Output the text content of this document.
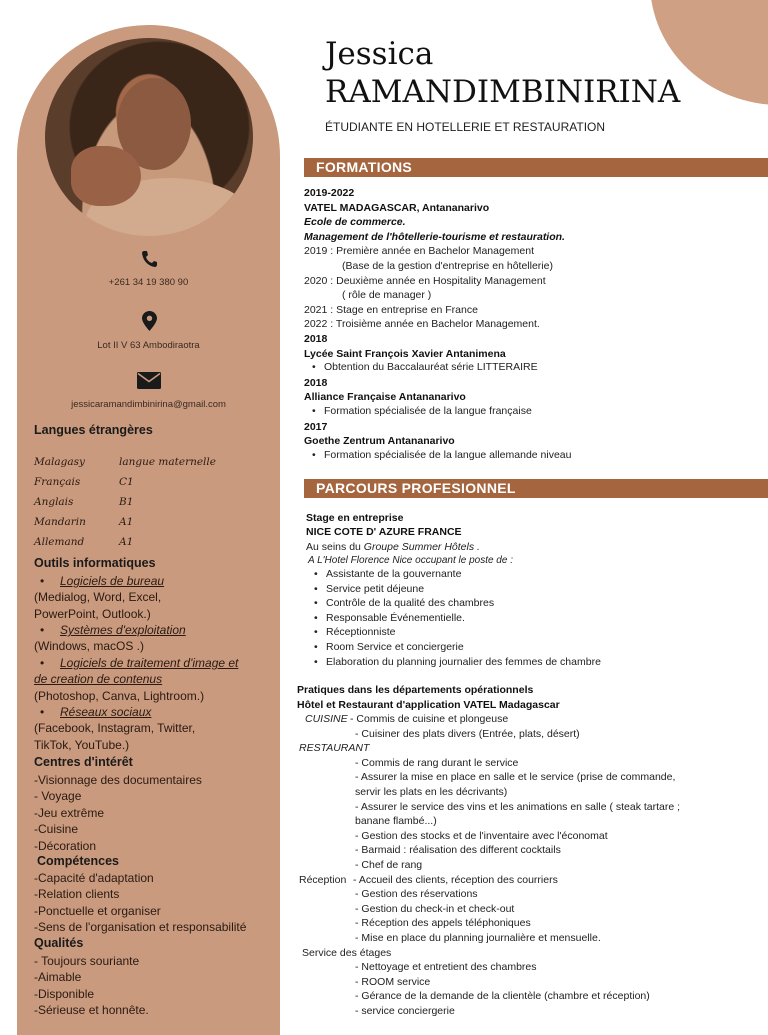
+261 34 19 380 90
Lot II V 63 Ambodiraotra
jessicaramandimbinirina@gmail.com
Langues étrangères
Malagasy	langue maternelle
Français	C1
Anglais	B1
Mandarin	A1
Allemand	A1
Outils informatiques
• Logiciels de bureau
(Medialog, Word, Excel,
PowerPoint, Outlook.)
• Systèmes d'exploitation
(Windows, macOS .)
• Logiciels de traitement d'image et
de creation de contenus
(Photoshop, Canva, Lightroom.)
• Réseaux sociaux
(Facebook, Instagram, Twitter,
TikTok, YouTube.)
Centres d'intérêt
-Visionnage des documentaires
- Voyage
-Jeu extrême
-Cuisine
-Décoration
Compétences
-Capacité d'adaptation
-Relation clients
-Ponctuelle et organiser
-Sens de l'organisation et responsabilité
Qualités
- Toujours souriante
-Aimable
-Disponible
-Sérieuse et honnête.
Jessica
RAMANDIMBINIRINA
ÉTUDIANTE EN HOTELLERIE ET RESTAURATION
FORMATIONS
2019-2022
VATEL MADAGASCAR, Antananarivo
Ecole de commerce.
Management de l'hôtellerie-tourisme et restauration.
2019 : Première année en Bachelor Management
(Base de la gestion d'entreprise en hôtellerie)
2020 : Deuxième année en Hospitality Management
( rôle de manager )
2021 : Stage en entreprise en France
2022 : Troisième année en Bachelor Management.
2018
Lycée Saint François Xavier Antanimena
• Obtention du Baccalauréat série LITTERAIRE
2018
Alliance Française Antananarivo
• Formation spécialisée de la langue française
2017
Goethe Zentrum Antananarivo
• Formation spécialisée de la langue allemande niveau
PARCOURS PROFESIONNEL
Stage en entreprise
NICE COTE D' AZURE FRANCE
Au seins du Groupe Summer Hôtels .
A L'Hotel Florence Nice occupant le poste de :
• Assistante de la gouvernante
• Service petit déjeune
• Contrôle de la qualité des chambres
• Responsable Événementielle.
• Réceptionniste
• Room Service et conciergerie
• Elaboration du planning journalier des femmes de chambre
Pratiques dans les départements opérationnels
Hôtel et Restaurant d'application VATEL Madagascar
CUISINE - Commis de cuisine et plongeuse
- Cuisiner des plats divers (Entrée, plats, désert)
RESTAURANT
- Commis de rang durant le service
- Assurer la mise en place en salle et le service (prise de commande,
servir les plats en les décrivants)
- Assurer le service des vins et les animations en salle ( steak tartare ;
banane flambé...)
- Gestion des stocks et de l'inventaire avec l'économat
- Barmaid : réalisation des different cocktails
- Chef de rang
Réception - Accueil des clients, réception des courriers
- Gestion des réservations
- Gestion du check-in et check-out
- Réception des appels téléphoniques
- Mise en place du planning journalière et mensuelle.
Service des étages
- Nettoyage et entretient des chambres
- ROOM service
- Gérance de la demande de la clientèle (chambre et réception)
- service conciergerie
